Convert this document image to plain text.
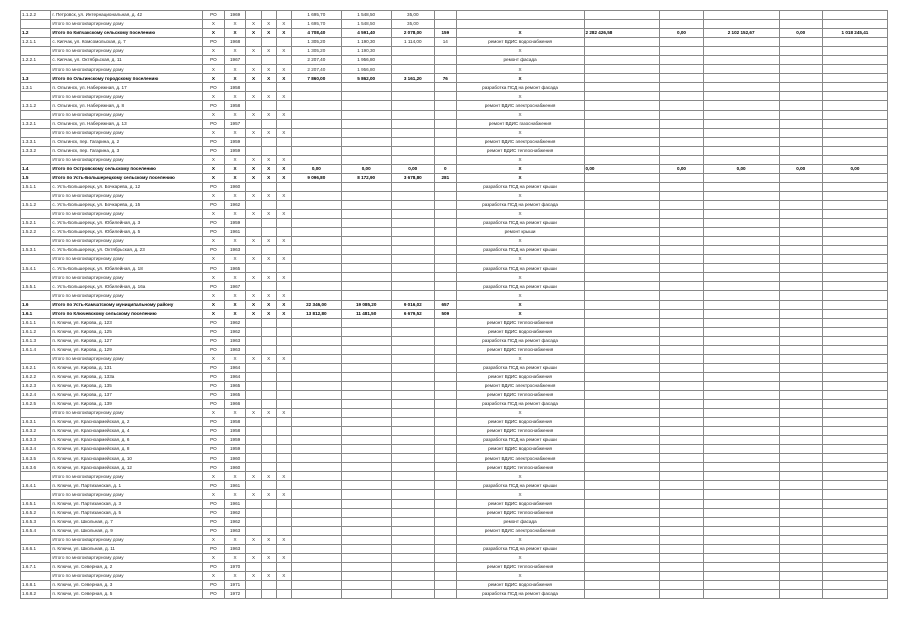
1.1.2.2	г. Петровск, ул. Интернациональная, д. 42	РО	1969				1 695,70	1 548,50	35,00							
	Итого по многоквартирному дому	X	X	X	X	X	1 695,70	1 548,50	35,00							
1.2	Итого по Кипчакскому сельскому поселению	X	X	X	X	X	4 708,40	4 591,40	2 078,00	159	X	2 282 426,58	0,00	2 102 152,67	0,00	1 018 245,41
1.2.1.1	с. Кипчак, ул. Комсомольская, д. 7	РО	1968				1 305,20	1 190,30	1 114,00	14	ремонт ВДИС водоснабжения					
	Итого по многоквартирному дому	X	X	X	X	X	1 305,20	1 190,30			X					
1.2.2.1	с. Кипчак, ул. Октябрьская, д. 11	РО	1967				2 207,40	1 956,80			ремонт фасада					
	Итого по многоквартирному дому	X	X	X	X	X	2 207,40	1 956,80			X					
1.3	Итого по Ольгинскому городскому поселению	X	X	X	X	X	7 860,00	5 862,00	3 161,20	76	X					
1.3.1	п. Ольгинск, ул. Набережная, д. 17	РО	1958								разработка ПСД на ремонт фасада					
	Итого по многоквартирному дому	X	X	X	X	X					X					
1.3.1.2	п. Ольгинск, ул. Набережная, д. 8	РО	1958								ремонт ВДИС электроснабжения					
	Итого по многоквартирному дому	X	X	X	X	X					X					
1.3.2.1	п. Ольгинск, ул. Набережная, д. 13	РО	1957								ремонт ВДИС газоснабжения					
	Итого по многоквартирному дому	X	X	X	X	X					X					
1.3.3.1	п. Ольгинск, пер. Гагарина, д. 2	РО	1959								ремонт ВДИС электроснабжения					
1.3.3.2	п. Ольгинск, пер. Гагарина, д. 3	РО	1959								ремонт ВДИС теплоснабжения					
	Итого по многоквартирному дому	X	X	X	X	X					X					
1.4	Итого по Островскому сельскому поселению	X	X	X	X	X	0,00	0,00	0,00	0	X	0,00	0,00	0,00	0,00	0,00
1.5	Итого по Усть-Большерецкому сельскому поселению	X	X	X	X	X	9 096,80	8 172,90	3 678,80	281	X					
1.5.1.1	с. Усть-Большерецк, ул. Бочкарева, д. 12	РО	1960								разработка ПСД на ремонт крыши					
	Итого по многоквартирному дому	X	X	X	X	X					X					
1.5.1.2	с. Усть-Большерецк, ул. Бочкарева, д. 15	РО	1962								разработка ПСД на ремонт фасада					
	Итого по многоквартирному дому	X	X	X	X	X					X					
1.5.2.1	с. Усть-Большерецк, ул. Юбилейная, д. 3	РО	1959								разработка ПСД на ремонт крыши					
1.5.2.2	с. Усть-Большерецк, ул. Юбилейная, д. 5	РО	1961								ремонт крыши					
	Итого по многоквартирному дому	X	X	X	X	X					X					
1.5.3.1	с. Усть-Большерецк, ул. Октябрьская, д. 23	РО	1963								разработка ПСД на ремонт крыши					
	Итого по многоквартирному дому	X	X	X	X	X					X					
1.5.4.1	с. Усть-Большерецк, ул. Юбилейная, д. 18	РО	1965								разработка ПСД на ремонт крыши					
	Итого по многоквартирному дому	X	X	X	X	X					X					
1.5.5.1	с. Усть-Большерецк, ул. Юбилейная, д. 16а	РО	1967								разработка ПСД на ремонт крыши					
	Итого по многоквартирному дому	X	X	X	X	X					X					
1.6	Итого по Усть-Камчатскому муниципальному району	X	X	X	X	X	22 346,00	19 085,20	9 016,02	657	X					
1.6.1	Итого по Ключевскому сельскому поселению	X	X	X	X	X	13 812,80	11 481,50	6 679,52	509	X					
1.6.1.1	п. Ключи, ул. Кирова, д. 123	РО	1962								ремонт ВДИС теплоснабжения					
1.6.1.2	п. Ключи, ул. Кирова, д. 125	РО	1962								ремонт ВДИС водоснабжения					
1.6.1.3	п. Ключи, ул. Кирова, д. 127	РО	1963								разработка ПСД на ремонт фасада					
1.6.1.4	п. Ключи, ул. Кирова, д. 129	РО	1963								ремонт ВДИС теплоснабжения					
	Итого по многоквартирному дому	X	X	X	X	X					X					
1.6.2.1	п. Ключи, ул. Кирова, д. 131	РО	1964								разработка ПСД на ремонт крыши					
1.6.2.2	п. Ключи, ул. Кирова, д. 133а	РО	1964								ремонт ВДИС водоснабжения					
1.6.2.3	п. Ключи, ул. Кирова, д. 135	РО	1965								ремонт ВДИС электроснабжения					
1.6.2.4	п. Ключи, ул. Кирова, д. 137	РО	1965								ремонт ВДИС теплоснабжения					
1.6.2.5	п. Ключи, ул. Кирова, д. 139	РО	1966								разработка ПСД на ремонт фасада					
	Итого по многоквартирному дому	X	X	X	X	X					X					
1.6.3.1	п. Ключи, ул. Красноармейская, д. 2	РО	1958								ремонт ВДИС водоснабжения					
1.6.3.2	п. Ключи, ул. Красноармейская, д. 4	РО	1958								ремонт ВДИС теплоснабжения					
1.6.3.3	п. Ключи, ул. Красноармейская, д. 6	РО	1959								разработка ПСД на ремонт крыши					
1.6.3.4	п. Ключи, ул. Красноармейская, д. 8	РО	1959								ремонт ВДИС водоснабжения					
1.6.3.5	п. Ключи, ул. Красноармейская, д. 10	РО	1960								ремонт ВДИС электроснабжения					
1.6.3.6	п. Ключи, ул. Красноармейская, д. 12	РО	1960								ремонт ВДИС теплоснабжения					
	Итого по многоквартирному дому	X	X	X	X	X					X					
1.6.4.1	п. Ключи, ул. Партизанская, д. 1	РО	1961								разработка ПСД на ремонт крыши					
	Итого по многоквартирному дому	X	X	X	X	X					X					
1.6.5.1	п. Ключи, ул. Партизанская, д. 3	РО	1961								ремонт ВДИС водоснабжения					
1.6.5.2	п. Ключи, ул. Партизанская, д. 5	РО	1962								ремонт ВДИС теплоснабжения					
1.6.5.3	п. Ключи, ул. Школьная, д. 7	РО	1962								ремонт фасада					
1.6.5.4	п. Ключи, ул. Школьная, д. 9	РО	1963								ремонт ВДИС электроснабжения					
	Итого по многоквартирному дому	X	X	X	X	X					X					
1.6.6.1	п. Ключи, ул. Школьная, д. 11	РО	1963								разработка ПСД на ремонт крыши					
	Итого по многоквартирному дому	X	X	X	X	X					X					
1.6.7.1	п. Ключи, ул. Северная, д. 2	РО	1970								ремонт ВДИС теплоснабжения					
	Итого по многоквартирному дому	X	X	X	X	X					X					
1.6.8.1	п. Ключи, ул. Северная, д. 3	РО	1971								ремонт ВДИС водоснабжения					
1.6.8.2	п. Ключи, ул. Северная, д. 5	РО	1972								разработка ПСД на ремонт фасада					
